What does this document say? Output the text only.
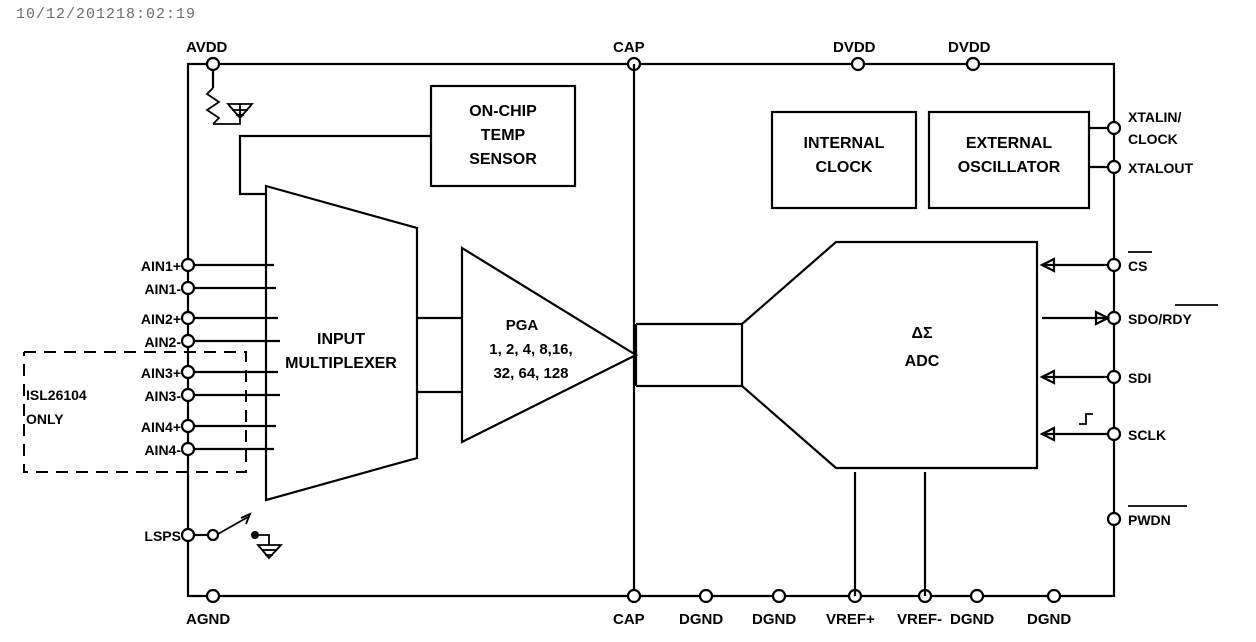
10/12/201218:02:19
AVDD	CAP	DVDD	DVDD
AGND	CAP DGND DGND VREF+ VREF- DGND DGND
ON-CHIP
TEMP
SENSOR
INTERNAL
CLOCK
EXTERNAL
OSCILLATOR
INPUT
MULTIPLEXER
PGA
1, 2, 4, 8,16,
32, 64, 128
ΔΣ
ADC
AIN1+
AIN1-
AIN2+
AIN2-
AIN3+
AIN3-
AIN4+
AIN4-
LSPS
ISL26104
ONLY
XTALIN/
CLOCK
XTALOUT
CS
SDO/RDY
SDI
SCLK
PWDN
